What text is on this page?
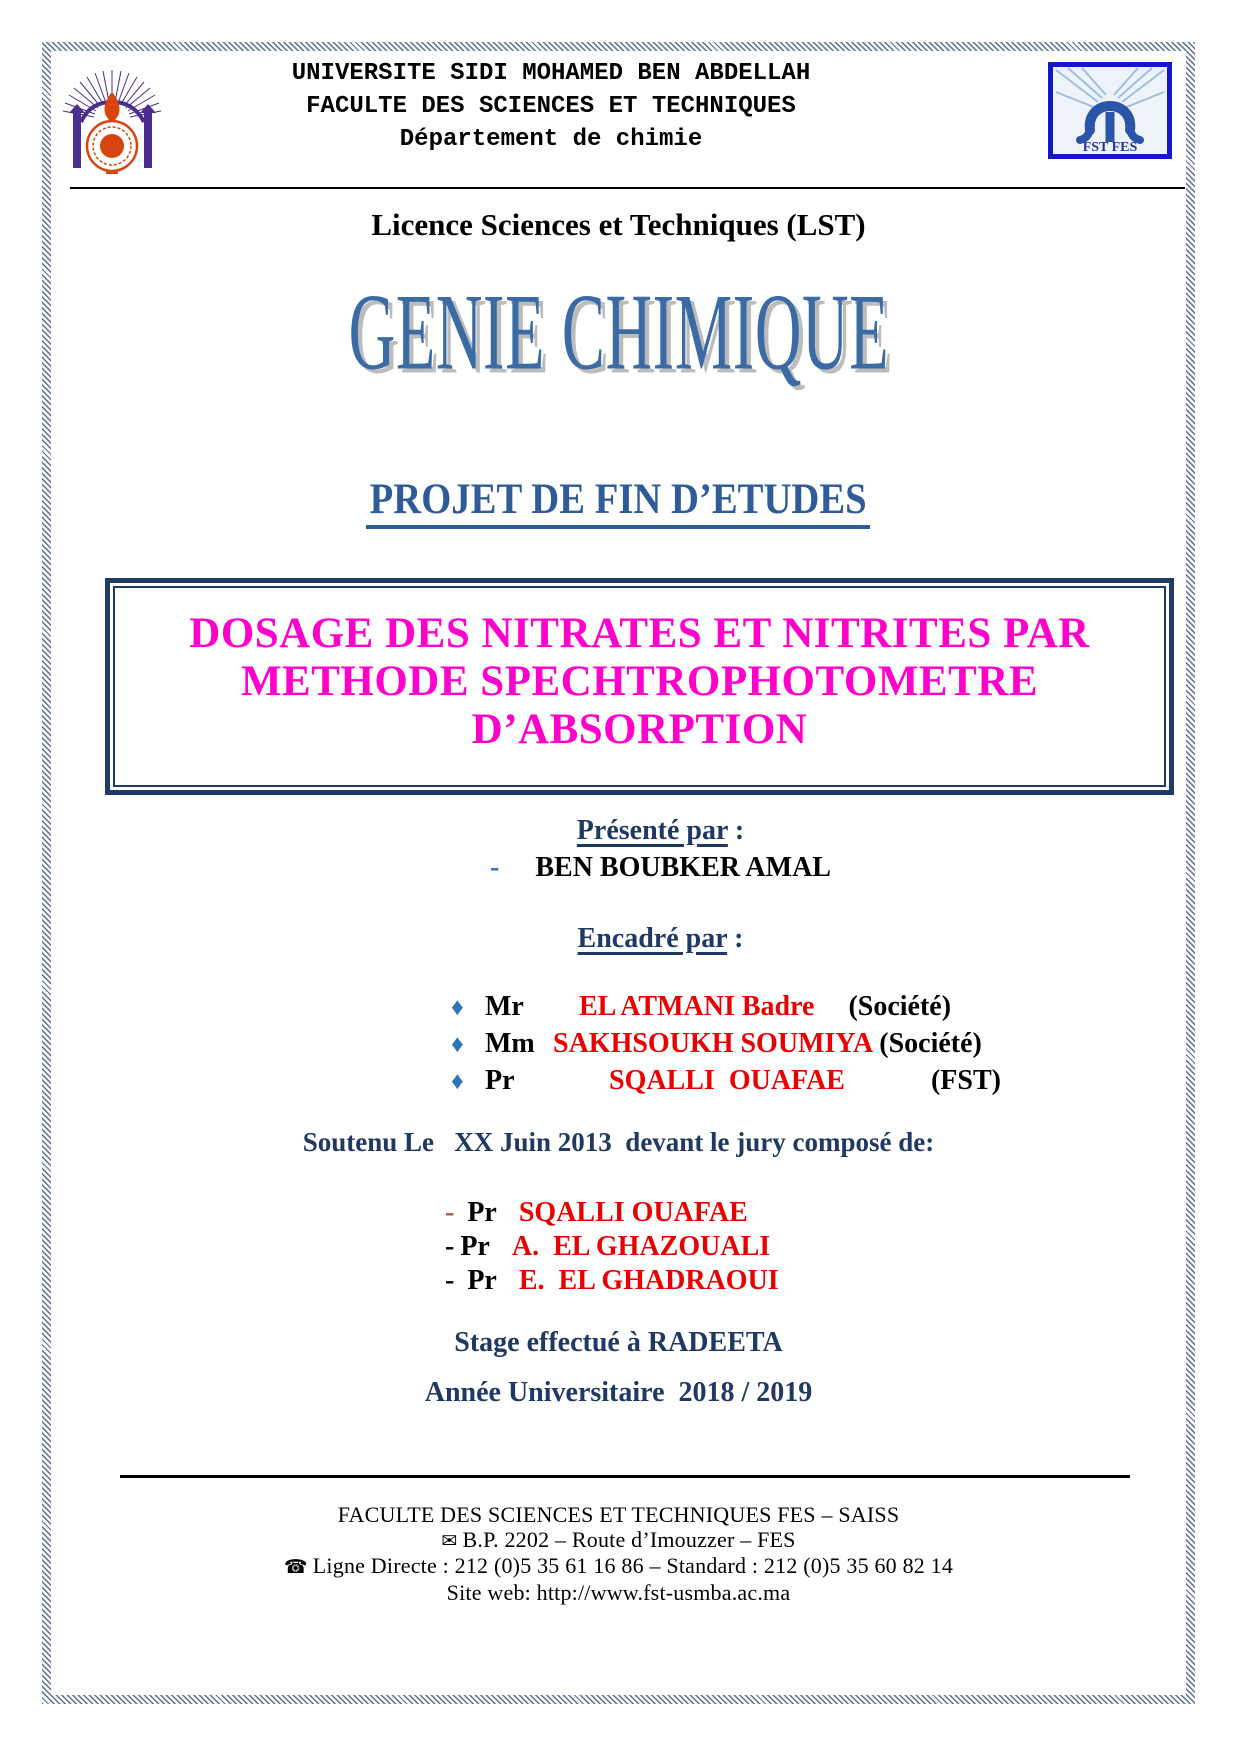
UNIVERSITE SIDI MOHAMED BEN ABDELLAH
FACULTE DES SCIENCES ET TECHNIQUES
Département de chimie	FST FES
Licence Sciences et Techniques (LST)
GENIE CHIMIQUE
PROJET DE FIN D’ETUDES
DOSAGE DES NITRATES ET NITRITES PAR
METHODE SPECHTROPHOTOMETRE
D’ABSORPTION
Présenté par :
- BEN BOUBKER AMAL
Encadré par :
♦ Mr	EL ATMANI Badre (Société)
♦ Mm SAKHSOUKH SOUMIYA (Société)
♦ Pr	SQALLI  OUAFAE	(FST)
Soutenu Le   XX Juin 2013  devant le jury composé de:
- Pr SQALLI OUAFAE
- Pr A.  EL GHAZOUALI
- Pr E.  EL GHADRAOUI
Stage effectué à RADEETA
Année Universitaire  2018 / 2019
FACULTE DES SCIENCES ET TECHNIQUES FES – SAISS
✉ B.P. 2202 – Route d’Imouzzer – FES
☎ Ligne Directe : 212 (0)5 35 61 16 86 – Standard : 212 (0)5 35 60 82 14
Site web: http://www.fst-usmba.ac.ma
